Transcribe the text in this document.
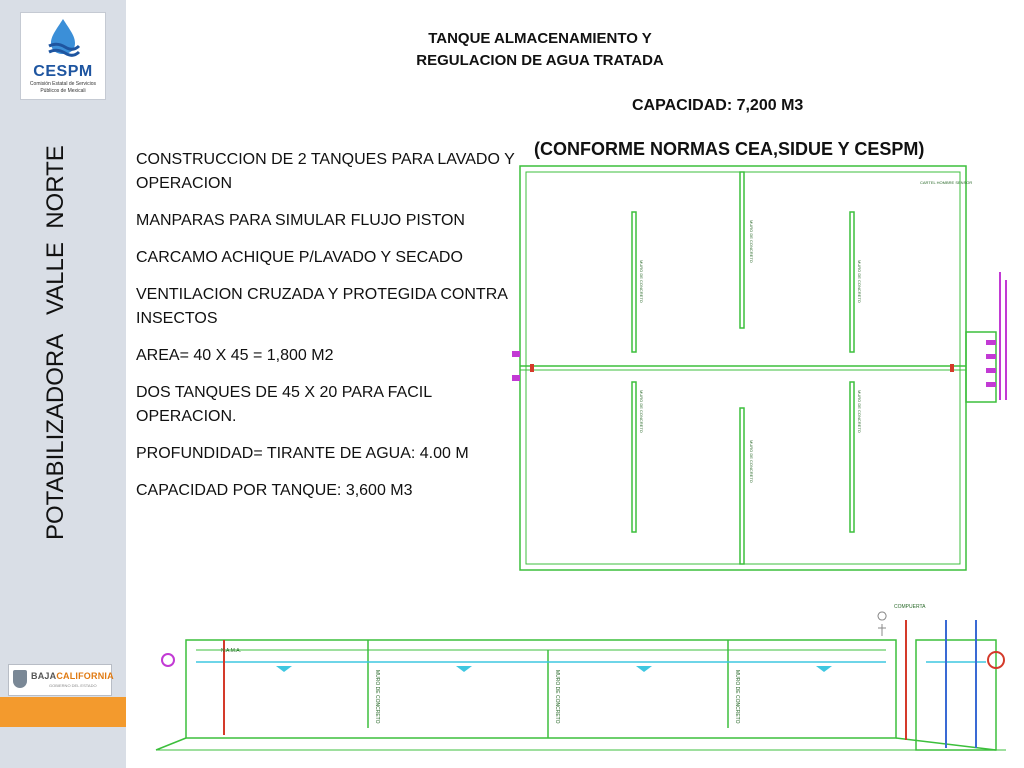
CESPM
Comisión Estatal de Servicios
Públicos de Mexicali
POTABILIZADORA   VALLE  NORTE
BAJACALIFORNIA
GOBIERNO DEL ESTADO
TANQUE ALMACENAMIENTO Y
REGULACION DE AGUA TRATADA
CAPACIDAD: 7,200 M3
(CONFORME NORMAS CEA,SIDUE Y CESPM)
CONSTRUCCION DE 2 TANQUES PARA LAVADO Y OPERACION
MANPARAS PARA SIMULAR FLUJO PISTON
CARCAMO ACHIQUE P/LAVADO Y SECADO
VENTILACION CRUZADA Y PROTEGIDA CONTRA INSECTOS
AREA= 40 X 45 = 1,800 M2
DOS TANQUES DE 45 X 20 PARA FACIL OPERACION.
PROFUNDIDAD= TIRANTE DE AGUA: 4.00 M
CAPACIDAD POR TANQUE: 3,600 M3
CARTEL HOMBRE SENSOR
MURO DE CONCRETO
MURO DE CONCRETO
MURO DE CONCRETO	MURO DE CONCRETO
MURO DE CONCRETO	MURO DE CONCRETO
COMPUERTA
N.A.M.A.
MURO DE CONCRETO	MURO DE CONCRETO	MURO DE CONCRETO
